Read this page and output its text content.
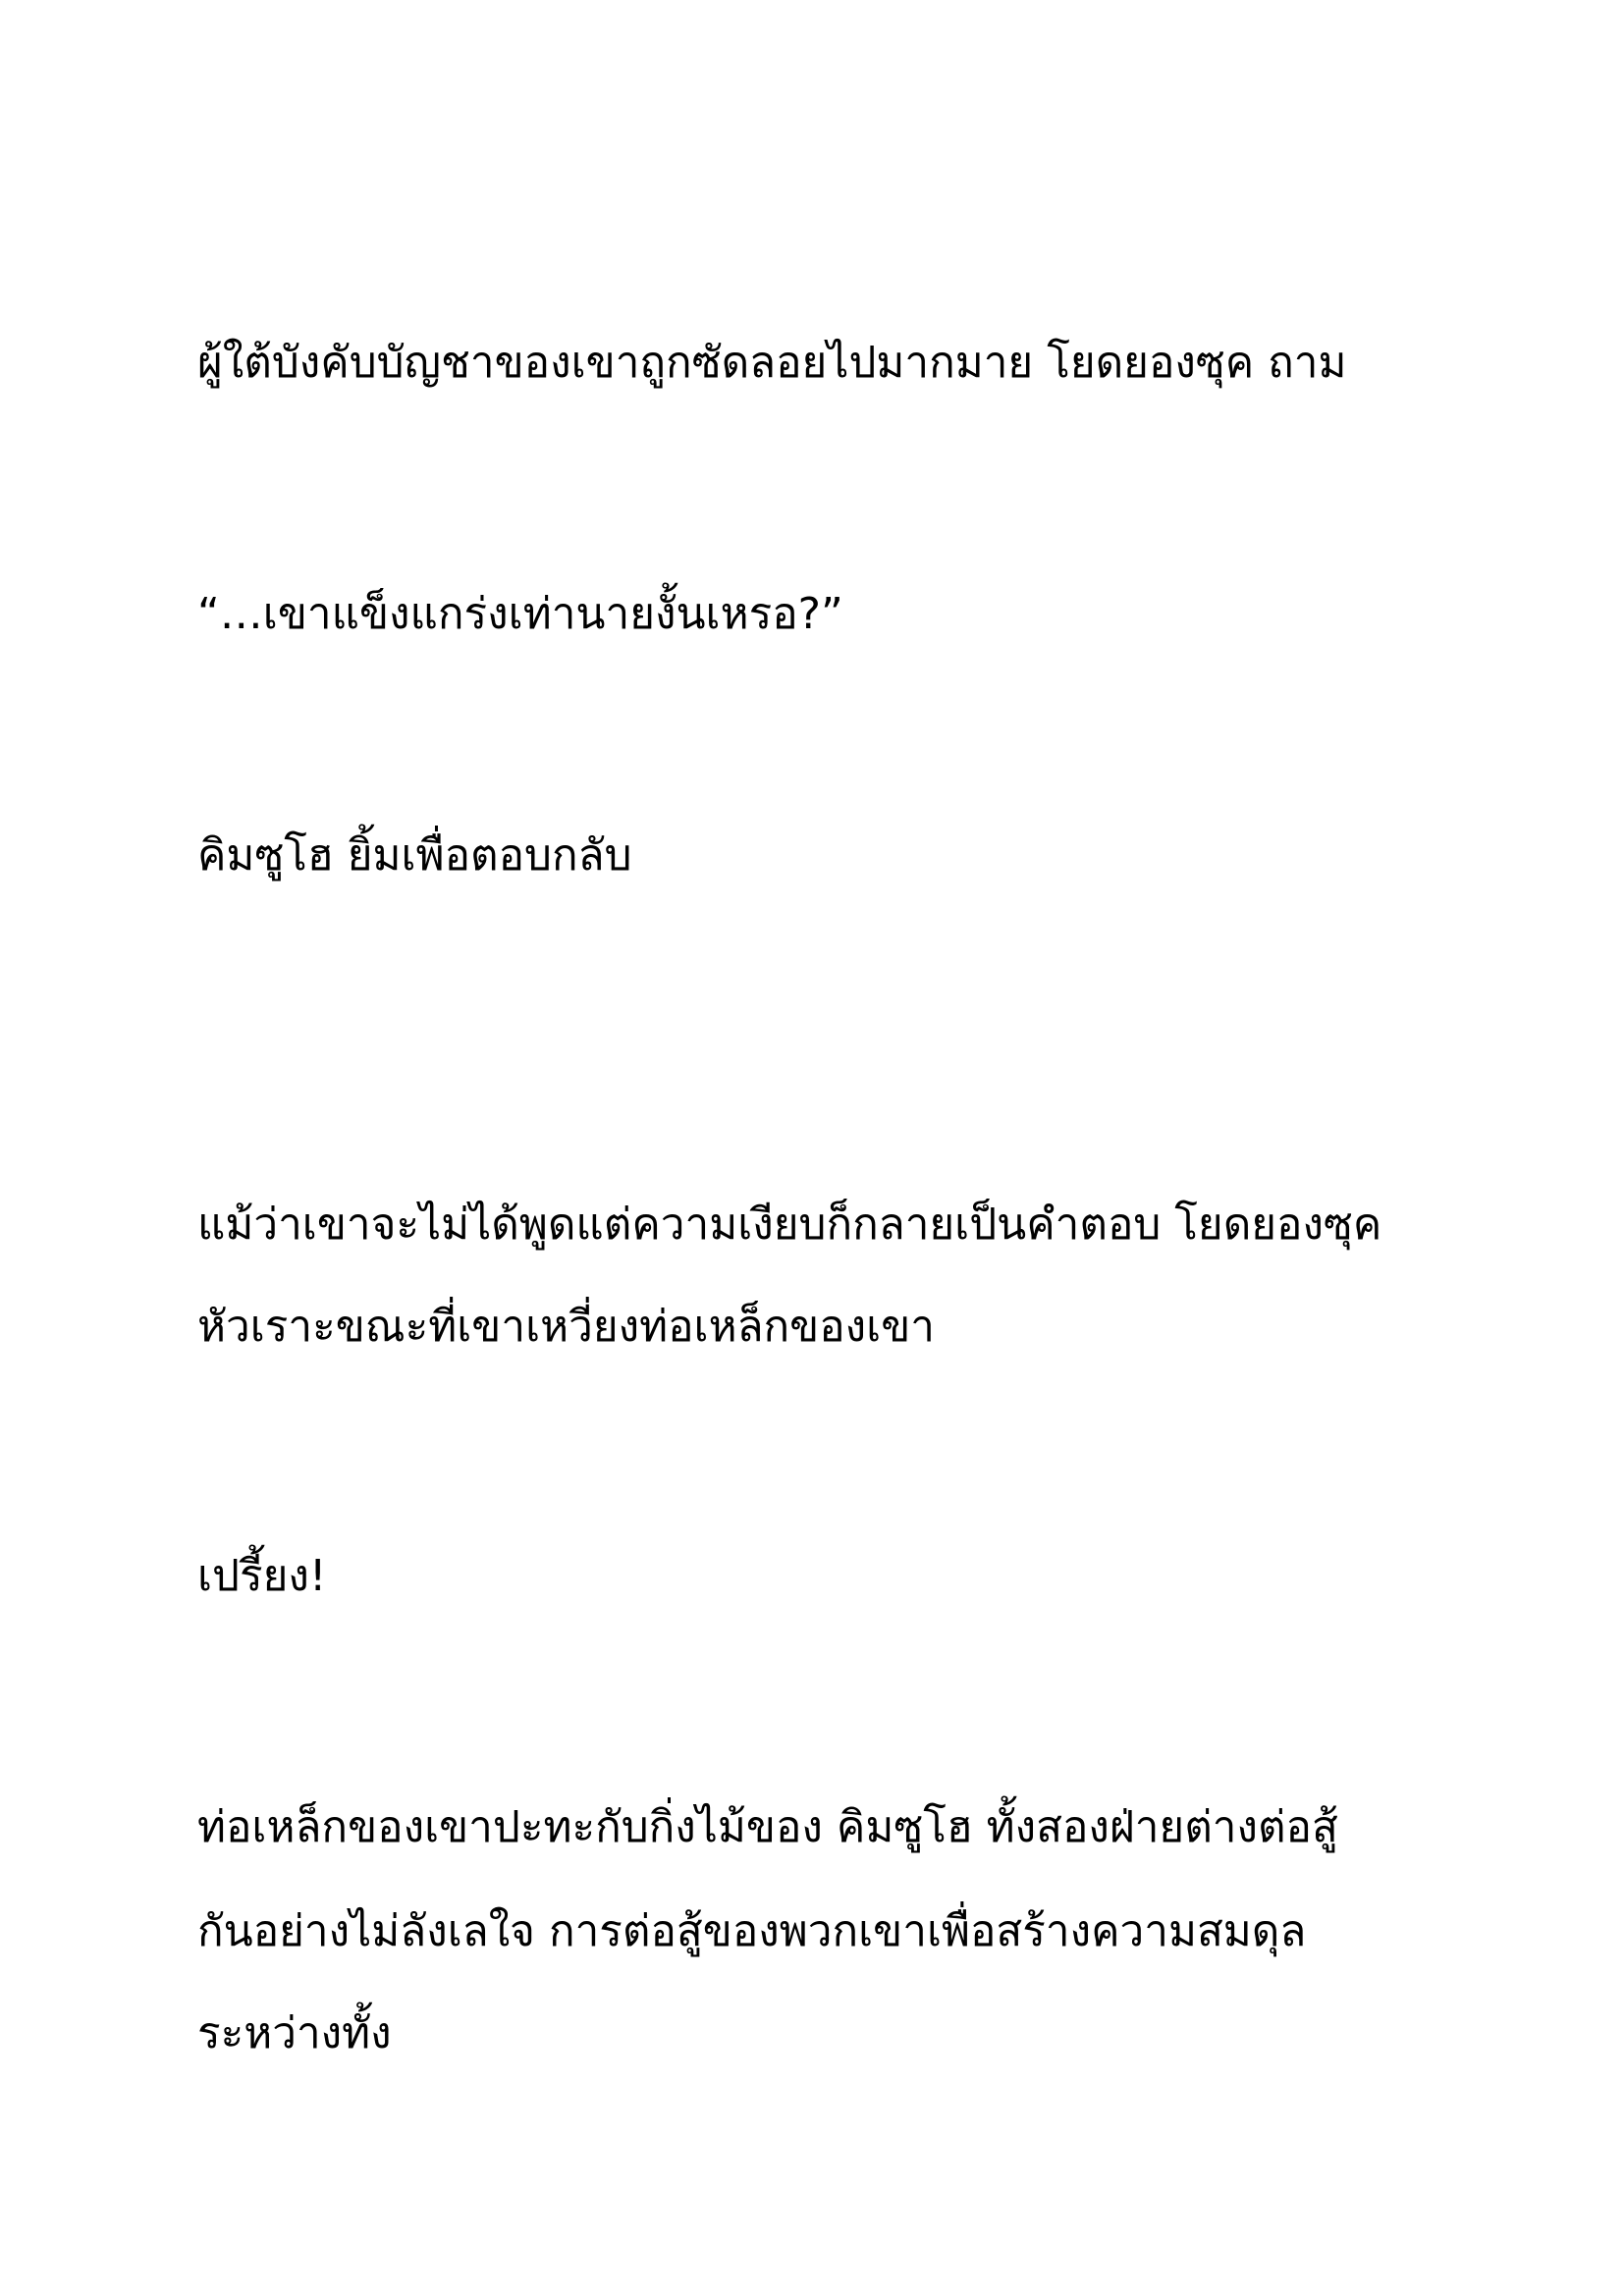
ผู้ใต้บังคับบัญชาของเขาถูกซัดลอยไปมากมาย โยดยองซุค ถาม

“…เขาแข็งแกร่งเท่านายงั้นเหรอ?”

คิมซูโฮ ยิ้มเพื่อตอบกลับ

แม้ว่าเขาจะไม่ได้พูดแต่ความเงียบก็กลายเป็นคำตอบ โยดยองซุค

หัวเราะขณะที่เขาเหวี่ยงท่อเหล็กของเขา

เปรี้ยง!

ท่อเหล็กของเขาปะทะกับกิ่งไม้ของ คิมซูโฮ ทั้งสองฝ่ายต่างต่อสู้

กันอย่างไม่ลังเลใจ การต่อสู้ของพวกเขาเพื่อสร้างความสมดุล

ระหว่างทั้ง
